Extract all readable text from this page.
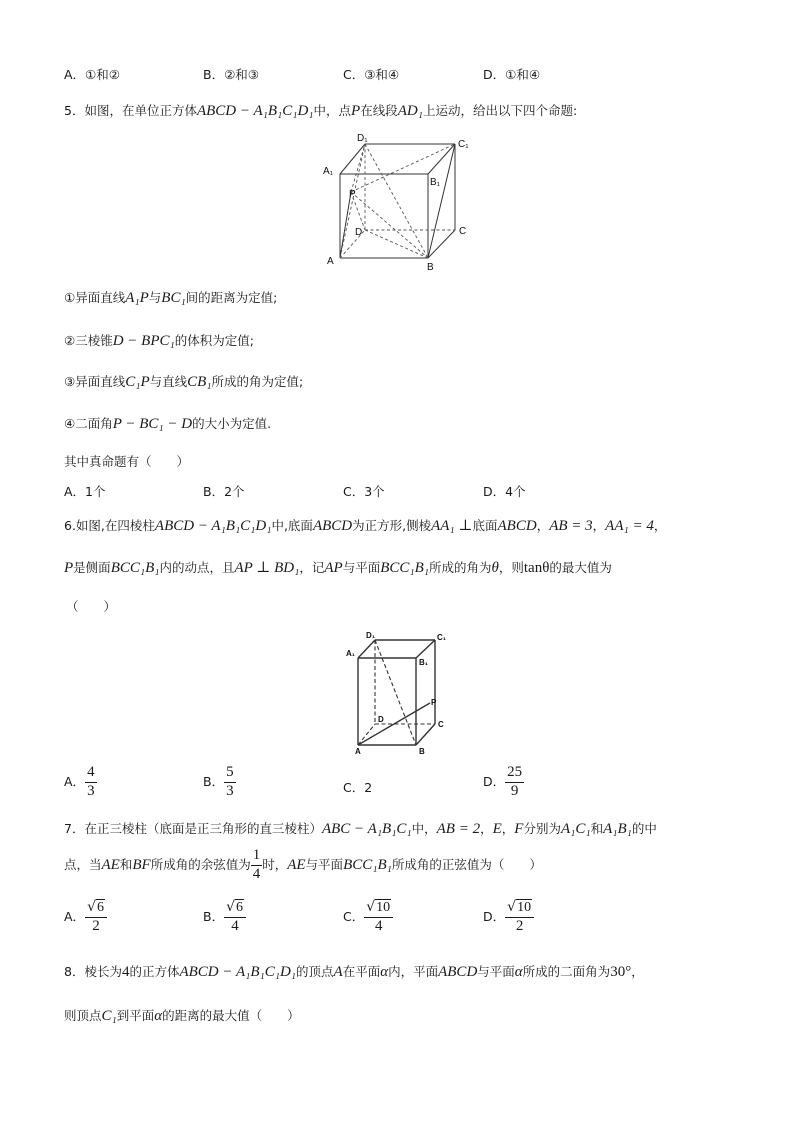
A．①和②	B．②和③	C．③和④	D．①和④
5．如图，在单位正方体ABCD − A₁B₁C₁D₁中，点P在线段AD₁上运动，给出以下四个命题:
D₁
C₁
A₁
B₁
P
D	C
A
B
①异面直线A₁P与BC₁间的距离为定值;
②三棱锥D − BPC₁的体积为定值;
③异面直线C₁P与直线CB₁所成的角为定值;
④二面角P − BC₁ − D的大小为定值.
其中真命题有（　　）
A．1个	B．2个	C．3个	D．4个
6.如图,在四棱柱ABCD − A₁B₁C₁D₁中,底面ABCD为正方形,侧棱AA₁ ⊥底面ABCD，AB = 3，AA₁ = 4，
P是侧面BCC₁B₁内的动点，且AP ⊥ BD₁，记AP与平面BCC₁B₁所成的角为θ，则tanθ的最大值为
（　　）
D₁	C₁
A₁
B₁
P
D
C
A	B
A． $\frac{4}{3}$	B． $\frac{5}{3}$	C．2	D． $\frac{25}{9}$
7．在正三棱柱（底面是正三角形的直三棱柱）ABC − A₁B₁C₁中，AB = 2，E，F分别为A₁C₁和A₁B₁的中
点，当AE和BF所成角的余弦值为 $\frac{1}{4}$ 时，AE与平面BCC₁B₁所成角的正弦值为（　　）
A． $\frac{√6}{2}$	B． $\frac{√6}{4}$	C． $\frac{√10}{4}$	D． $\frac{√10}{2}$
8．棱长为4的正方体ABCD − A₁B₁C₁D₁的顶点A在平面α内，平面ABCD与平面α所成的二面角为30°，
则顶点C₁到平面α的距离的最大值（　　）
